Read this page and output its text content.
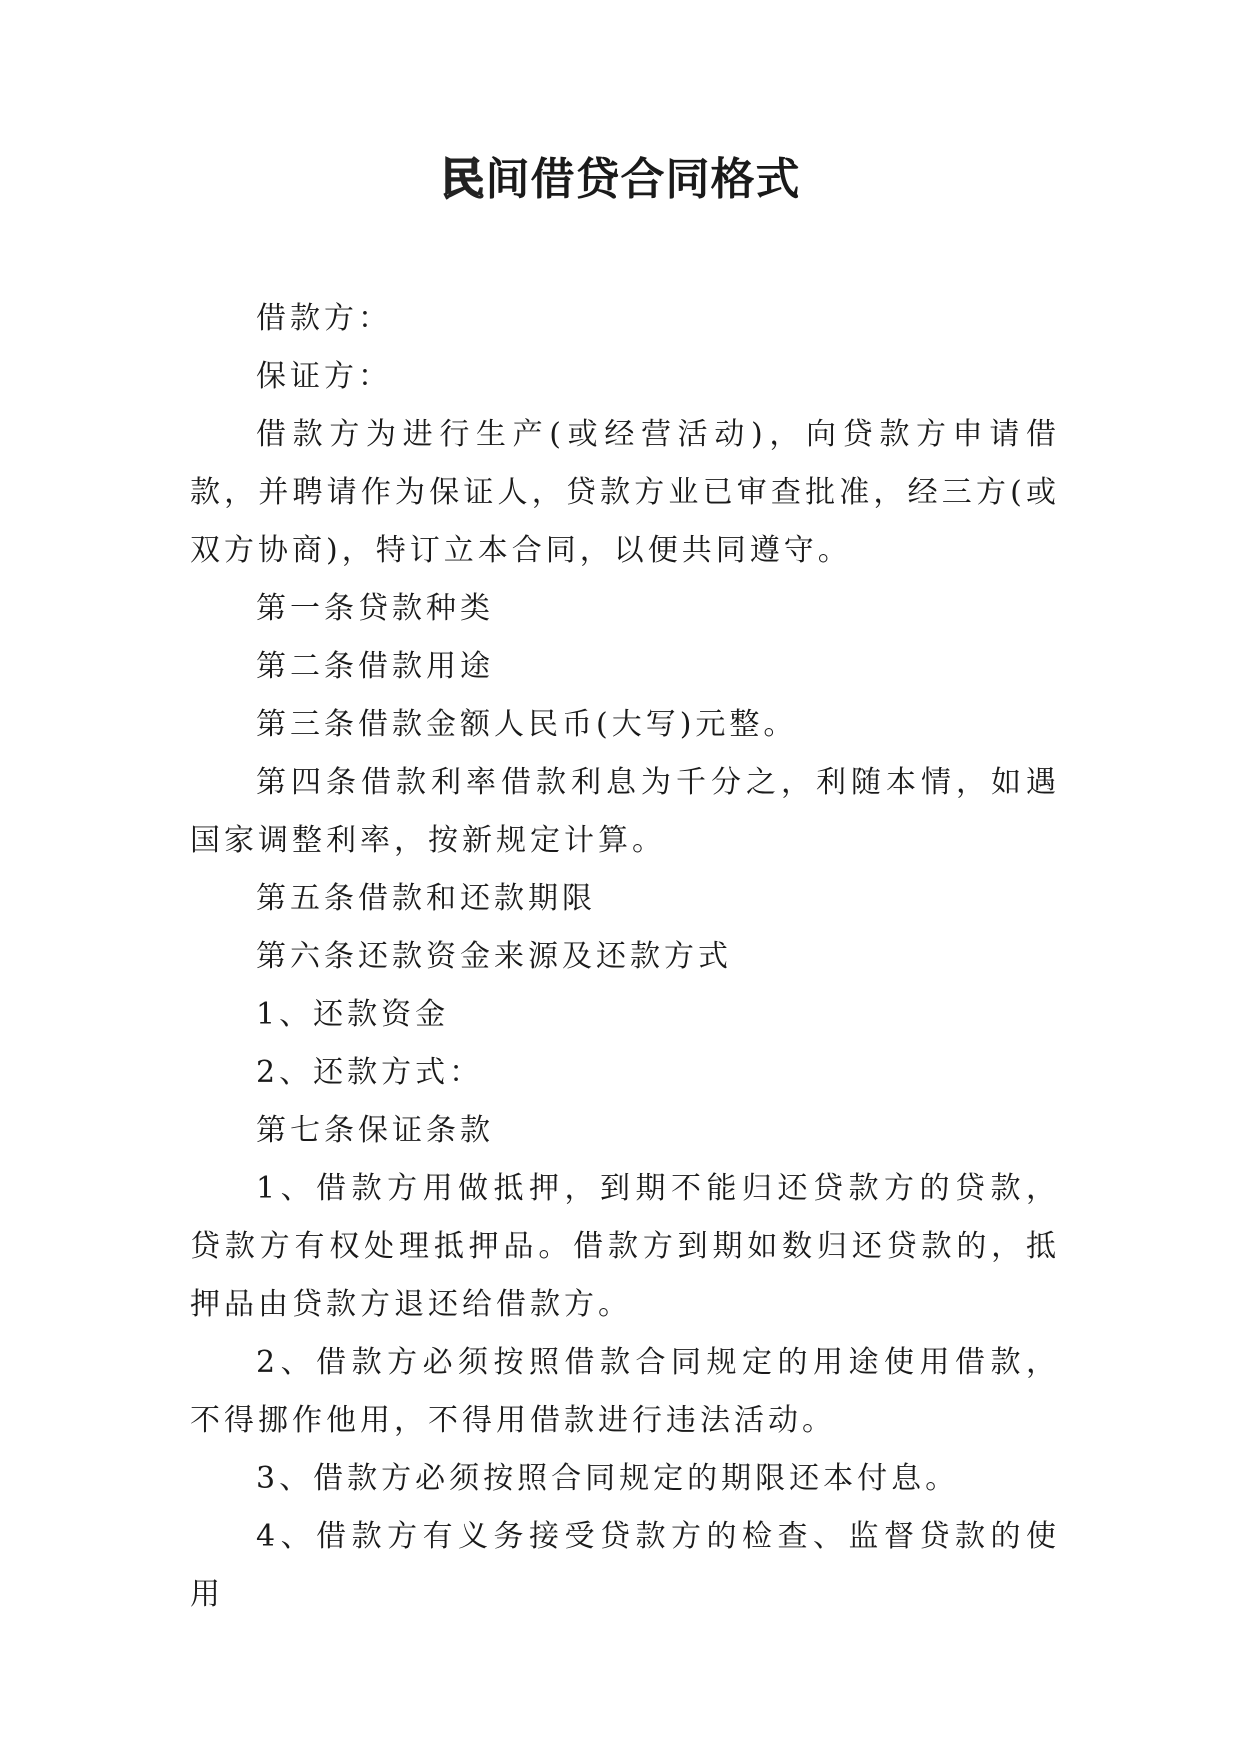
民间借贷合同格式

借款方：

保证方：

借款方为进行生产(或经营活动)，向贷款方申请借款，并聘请作为保证人，贷款方业已审查批准，经三方(或双方协商)，特订立本合同，以便共同遵守。

第一条贷款种类

第二条借款用途

第三条借款金额人民币(大写)元整。

第四条借款利率借款利息为千分之，利随本情，如遇国家调整利率，按新规定计算。

第五条借款和还款期限

第六条还款资金来源及还款方式

1、还款资金

2、还款方式：

第七条保证条款

1、借款方用做抵押，到期不能归还贷款方的贷款，贷款方有权处理抵押品。借款方到期如数归还贷款的，抵押品由贷款方退还给借款方。

2、借款方必须按照借款合同规定的用途使用借款，不得挪作他用，不得用借款进行违法活动。

3、借款方必须按照合同规定的期限还本付息。

4、借款方有义务接受贷款方的检查、监督贷款的使用
